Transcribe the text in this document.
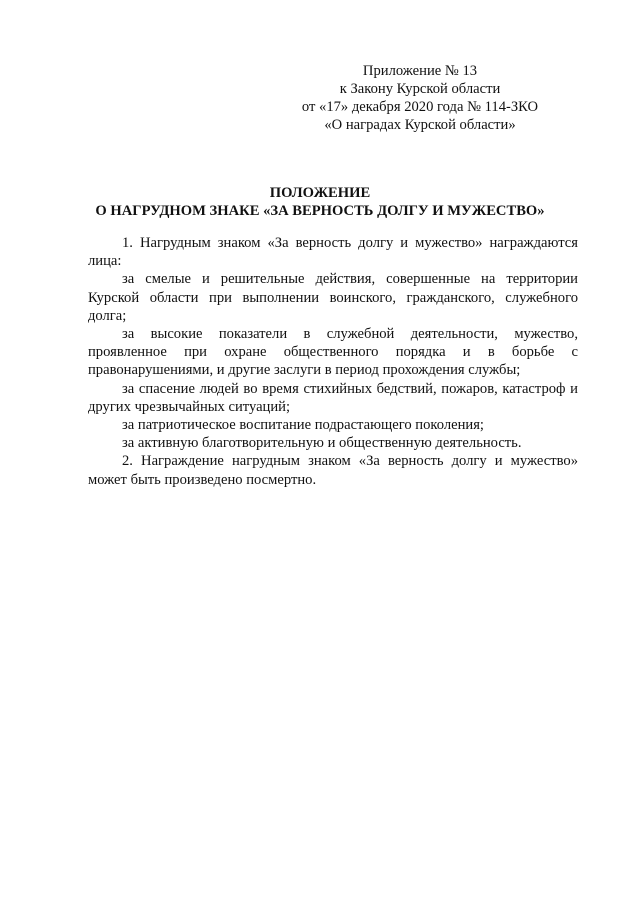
Приложение № 13
к Закону Курской области
от «17» декабря 2020 года № 114-ЗКО
«О наградах Курской области»
ПОЛОЖЕНИЕ
О НАГРУДНОМ ЗНАКЕ «ЗА ВЕРНОСТЬ ДОЛГУ И МУЖЕСТВО»

1. Нагрудным знаком «За верность долгу и мужество» награждаются лица:

за смелые и решительные действия, совершенные на территории Курской области при выполнении воинского, гражданского, служебного долга;

за высокие показатели в служебной деятельности, мужество, проявленное при охране общественного порядка и в борьбе с правонарушениями, и другие заслуги в период прохождения службы;

за спасение людей во время стихийных бедствий, пожаров, катастроф и других чрезвычайных ситуаций;

за патриотическое воспитание подрастающего поколения;

за активную благотворительную и общественную деятельность.

2. Награждение нагрудным знаком «За верность долгу и мужество» может быть произведено посмертно.
